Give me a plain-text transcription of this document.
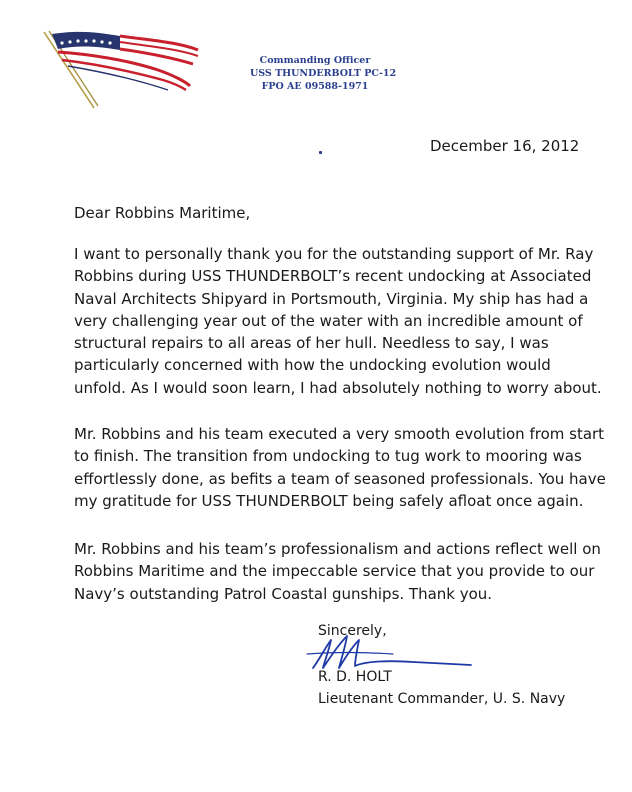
Commanding Officer
USS THUNDERBOLT PC-12
FPO AE 09588-1971
December 16, 2012
Dear Robbins Maritime,
I want to personally thank you for the outstanding support of Mr. Ray
Robbins during USS THUNDERBOLT’s recent undocking at Associated
Naval Architects Shipyard in Portsmouth, Virginia. My ship has had a
very challenging year out of the water with an incredible amount of
structural repairs to all areas of her hull. Needless to say, I was
particularly concerned with how the undocking evolution would
unfold. As I would soon learn, I had absolutely nothing to worry about.
Mr. Robbins and his team executed a very smooth evolution from start
to finish. The transition from undocking to tug work to mooring was
effortlessly done, as befits a team of seasoned professionals. You have
my gratitude for USS THUNDERBOLT being safely afloat once again.
Mr. Robbins and his team’s professionalism and actions reflect well on
Robbins Maritime and the impeccable service that you provide to our
Navy’s outstanding Patrol Coastal gunships. Thank you.
Sincerely,
R. D. HOLT
Lieutenant Commander, U. S. Navy
